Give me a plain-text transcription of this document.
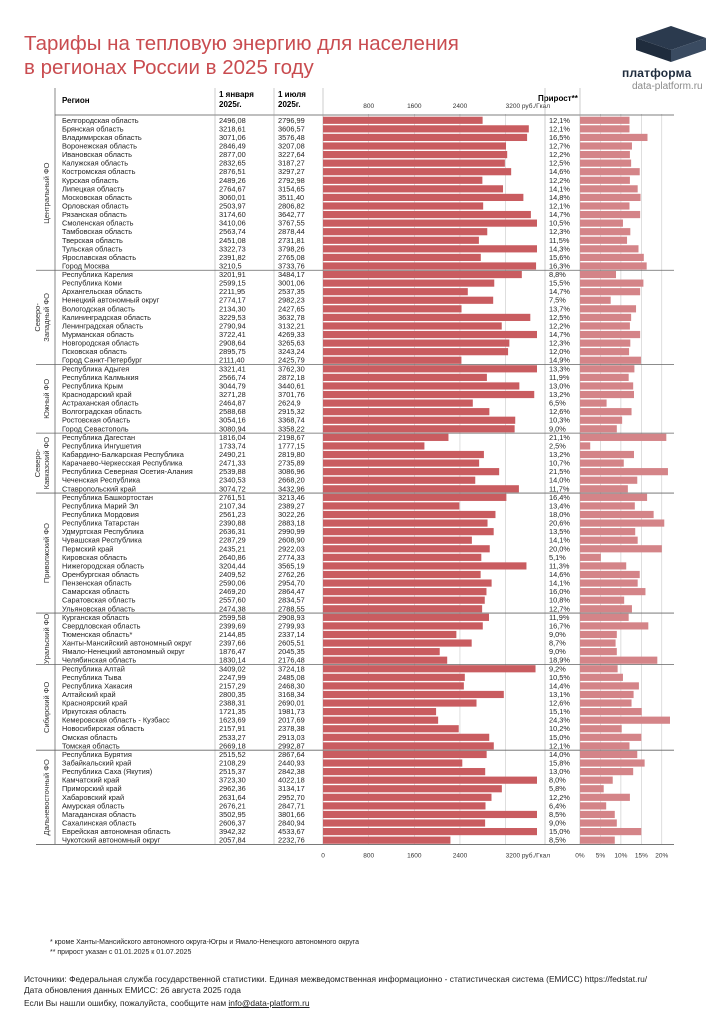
Тарифы на тепловую энергию для населения
в регионах России в 2025 году	платформа
data-platform.ru
Регион
1 января
2025г.
1 июля
2025г.
Прирост**
800	1600	2400	3200 руб./Гкал
Центральный ФО
Белгородская область	2496,08	2796,99	12,1%
Брянская область	3218,61	3606,57	12,1%
Владимирская область	3071,06	3576,48	16,5%
Воронежская область	2846,49	3207,08	12,7%
Ивановская область	2877,00	3227,64	12,2%
Калужская область	2832,65	3187,27	12,5%
Костромская область	2876,51	3297,27	14,6%
Курская область	2489,26	2792,98	12,2%
Липецкая область	2764,67	3154,65	14,1%
Московская область	3060,01	3511,40	14,8%
Орловская область	2503,97	2806,82	12,1%
Рязанская область	3174,60	3642,77	14,7%
Смоленская область	3410,06	3767,55	10,5%
Тамбовская область	2563,74	2878,44	12,3%
Тверская область	2451,08	2731,81	11,5%
Тульская область	3322,73	3798,26	14,3%
Ярославская область	2391,82	2765,08	15,6%
Город Москва	3210,5	3733,76	16,3%
Северо- Западный ФО
Республика Карелия	3201,91	3484,17	8,8%
Республика Коми	2599,15	3001,06	15,5%
Архангельская область	2211,95	2537,35	14,7%
Ненецкий автономный округ	2774,17	2982,23	7,5%
Вологодская область	2134,30	2427,65	13,7%
Калининградская область	3229,53	3632,78	12,5%
Ленинградская область	2790,94	3132,21	12,2%
Мурманская область	3722,41	4269,33	14,7%
Новгородская область	2908,64	3265,63	12,3%
Псковская область	2895,75	3243,24	12,0%
Город Санкт-Петербург	2111,40	2425,79	14,9%
Южный ФО
Республика Адыгея	3321,41	3762,30	13,3%
Республика Калмыкия	2566,74	2872,18	11,9%
Республика Крым	3044,79	3440,61	13,0%
Краснодарский край	3271,28	3701,76	13,2%
Астраханская область	2464,87	2624,9	6,5%
Волгоградская область	2588,68	2915,32	12,6%
Ростовская область	3054,16	3368,74	10,3%
Город Севастополь	3080,94	3358,22	9,0%
Северо- Кавказский ФО Республика Дагестан	1816,04	2198,67	21,1%
Республика Ингушетия	1733,74	1777,15	2,5%
Кабардино-Балкарская Республика	2490,21	2819,80	13,2%
Карачаево-Черкесская Республика	2471,33	2735,89	10,7%
Республика Северная Осетия-Алания	2539,88	3086,96	21,5%
Чеченская Республика	2340,53	2668,20	14,0%
Ставропольский край	3074,72	3432,96	11,7%
Приволжский ФО
Республика Башкортостан	2761,51	3213,46	16,4%
Республика Марий Эл	2107,34	2389,27	13,4%
Республика Мордовия	2561,23	3022,26	18,0%
Республика Татарстан	2390,88	2883,18	20,6%
Удмуртская Республика	2636,31	2990,99	13,5%
Чувашская Республика	2287,29	2608,90	14,1%
Пермский край	2435,21	2922,03	20,0%
Кировская область	2640,86	2774,33	5,1%
Нижегородская область	3204,44	3565,19	11,3%
Оренбургская область	2409,52	2762,26	14,6%
Пензенская область	2590,06	2954,70	14,1%
Самарская область	2469,20	2864,47	16,0%
Саратовская область	2557,60	2834,57	10,8%
Ульяновская область	2474,38	2788,55	12,7%
Уральский ФО Курганская область	2599,58	2908,93	11,9%
Свердловская область	2399,69	2799,93	16,7%
Тюменская область*	2144,85	2337,14	9,0%
Ханты-Мансийский автономный округ	2397,66	2605,51	8,7%
Ямало-Ненецкий автономный округ	1876,47	2045,35	9,0%
Челябинская область	1830,14	2176,48	18,9%
Сибирский ФО
Республика Алтай	3409,02	3724,18	9,2%
Республика Тыва	2247,99	2485,08	10,5%
Республика Хакасия	2157,29	2468,30	14,4%
Алтайский край	2800,35	3168,34	13,1%
Красноярский край	2388,31	2690,01	12,6%
Иркутская область	1721,35	1981,73	15,1%
Кемеровская область - Кузбасс	1623,69	2017,69	24,3%
Новосибирская область	2157,91	2378,38	10,2%
Омская область	2533,27	2913,03	15,0%
Томская область	2669,18	2992,87	12,1%
Дальневосточный ФО
Республика Бурятия	2515,52	2867,64	14,0%
Забайкальский край	2108,29	2440,93	15,8%
Республика Саха (Якутия)	2515,37	2842,38	13,0%
Камчатский край	3723,30	4022,18	8,0%
Приморский край	2962,36	3134,17	5,8%
Хабаровский край	2631,64	2952,70	12,2%
Амурская область	2676,21	2847,71	6,4%
Магаданская область	3502,95	3801,66	8,5%
Сахалинская область	2606,37	2840,94	9,0%
Еврейская автономная область	3942,32	4533,67	15,0%
Чукотский автономный округ	2057,84	2232,76	8,5%
0	800	1600	2400	3200 руб./Гкал	0% 5% 10% 15% 20%
* кроме Ханты-Мансийского автономного округа-Югры и Ямало-Ненецкого автономного округа
** прирост указан с 01.01.2025 к 01.07.2025
Источники: Федеральная служба государственной статистики. Единая межведомственная информационно - статистическая система (ЕМИСС) https://fedstat.ru/
Дата обновления данных ЕМИСС: 26 августа 2025 года
Если Вы нашли ошибку, пожалуйста, сообщите нам info@data-platform.ru
